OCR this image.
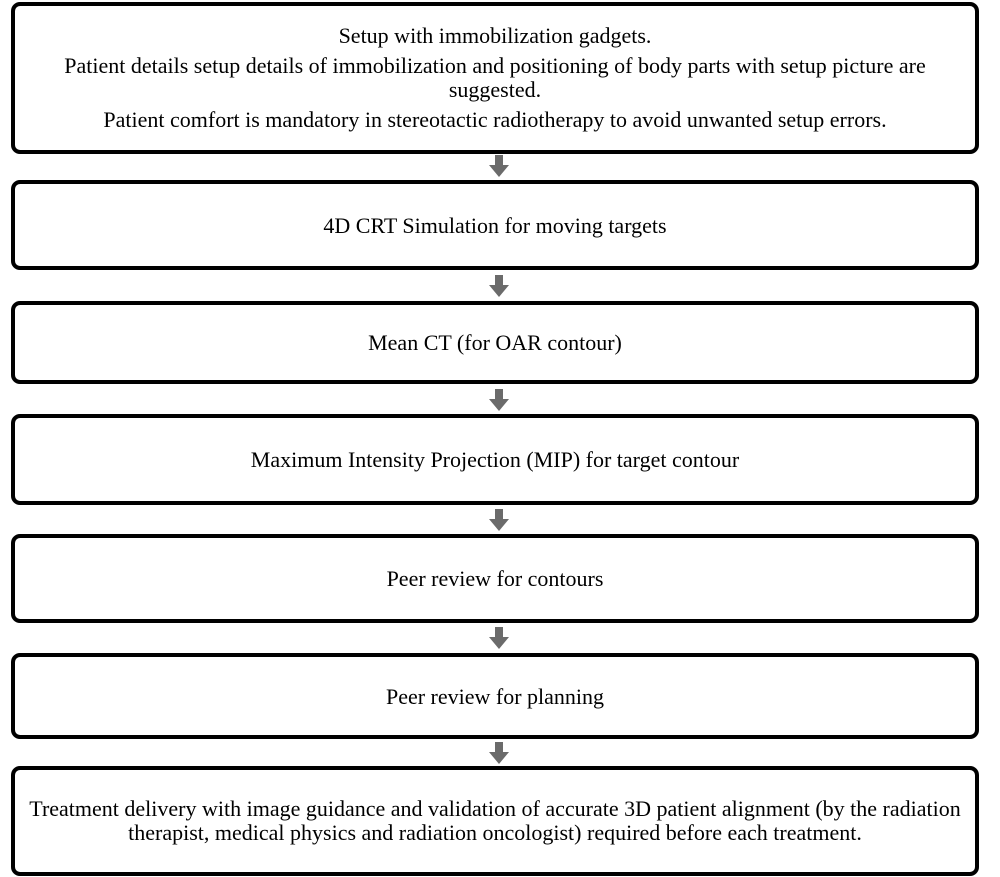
Setup with immobilization gadgets.

Patient details setup details of immobilization and positioning of body parts with setup picture are suggested.

Patient comfort is mandatory in stereotactic radiotherapy to avoid unwanted setup errors.

4D CRT Simulation for moving targets

Mean CT (for OAR contour)

Maximum Intensity Projection (MIP) for target contour

Peer review for contours

Peer review for planning

Treatment delivery with image guidance and validation of accurate 3D patient alignment (by the radiation therapist, medical physics and radiation oncologist) required before each treatment.
